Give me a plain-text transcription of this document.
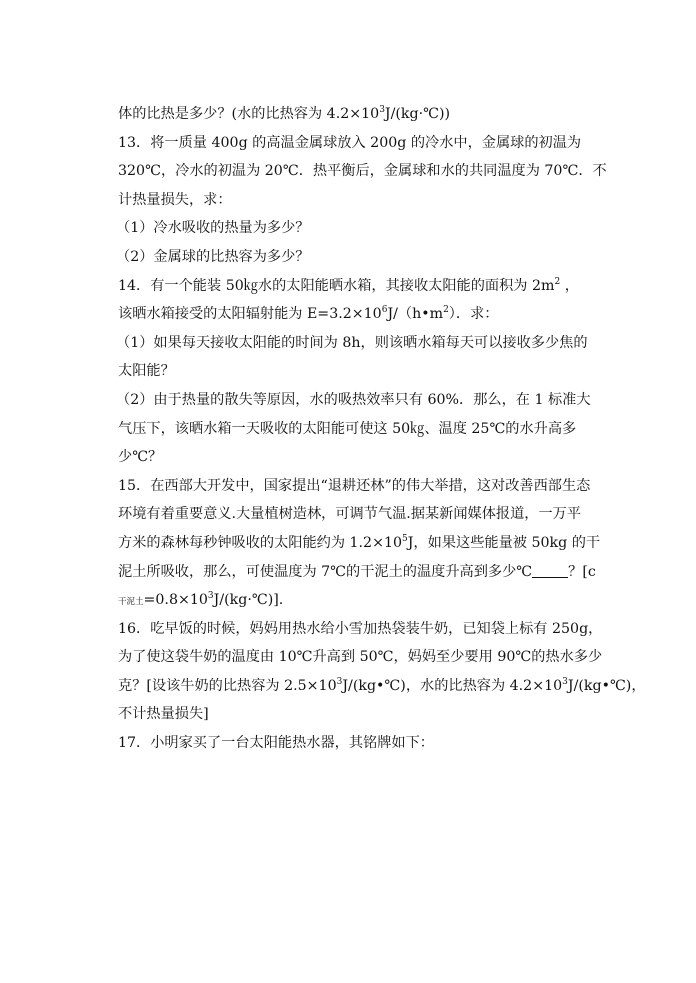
体的比热是多少？(水的比热容为 $4.2\times 10^3J/(kg\cdot℃)$)
13．将一质量 400g 的高温金属球放入 200g 的冷水中，金属球的初温为
320℃，冷水的初温为 20℃．热平衡后，金属球和水的共同温度为 70℃．不
计热量损失，求：
（1）冷水吸收的热量为多少？
（2）金属球的比热容为多少？
14．有一个能装 50㎏水的太阳能晒水箱，其接收太阳能的面积为 $2m^2$ ，
该晒水箱接受的太阳辐射能为 $E=3.2\times 10^6J/(h•m^2)$．求：
（1）如果每天接收太阳能的时间为 8h，则该晒水箱每天可以接收多少焦的
太阳能？
（2）由于热量的散失等原因，水的吸热效率只有 60%．那么，在 1 标准大
气压下，该晒水箱一天吸收的太阳能可使这 50㎏、温度 25℃的水升高多
少℃？
15．在西部大开发中，国家提出“退耕还林”的伟大举措，这对改善西部生态
环境有着重要意义.大量植树造林，可调节气温.据某新闻媒体报道，一万平
方米的森林每秒钟吸收的太阳能约为 $1.2\times 10^5J$，如果这些能量被 50kg 的干
泥土所吸收，那么，可使温度为 7℃的干泥土的温度升高到多少℃	？[c
干泥土$=0.8\times 10^3J/(kg\cdot℃)$].
16．吃早饭的时候，妈妈用热水给小雪加热袋装牛奶，已知袋上标有 250g，
为了使这袋牛奶的温度由 10℃升高到 50℃，妈妈至少要用 90℃的热水多少
克？[设该牛奶的比热容为 $2.5\times 10^3J/(kg•℃)$，水的比热容为 $4.2\times 10^3J/(kg•℃)$，
不计热量损失]
17．小明家买了一台太阳能热水器，其铭牌如下：
